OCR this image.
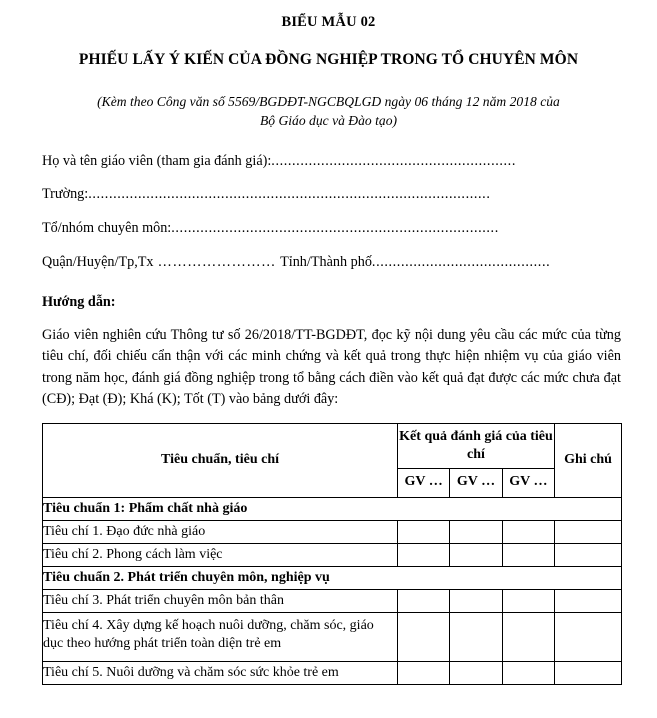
BIỂU MẪU 02
PHIẾU LẤY Ý KIẾN CỦA ĐỒNG NGHIỆP TRONG TỔ CHUYÊN MÔN
(Kèm theo Công văn số 5569/BGDĐT-NGCBQLGD ngày 06 tháng 12 năm 2018 của
Bộ Giáo dục và Đào tạo)
Họ và tên giáo viên (tham gia đánh giá):...........................................................
Trường:.................................................................................................
Tổ/nhóm chuyên môn:...............................................................................
Quận/Huyện/Tp,Tx …………………… Tỉnh/Thành phố...........................................
Hướng dẫn:
Giáo viên nghiên cứu Thông tư số 26/2018/TT-BGDĐT, đọc kỹ nội dung yêu cầu các mức của từng tiêu chí, đối chiếu cẩn thận với các minh chứng và kết quả trong thực hiện nhiệm vụ của giáo viên trong năm học, đánh giá đồng nghiệp trong tổ bằng cách điền vào kết quả đạt được các mức chưa đạt (CĐ); Đạt (Đ); Khá (K); Tốt (T) vào bảng dưới đây:
Tiêu chuẩn, tiêu chí	Kết quả đánh giá của tiêu chí			Ghi chú
	GV …	GV …	GV …	
Tiêu chuẩn 1: Phẩm chất nhà giáo				
Tiêu chí 1. Đạo đức nhà giáo				
Tiêu chí 2. Phong cách làm việc				
Tiêu chuẩn 2. Phát triển chuyên môn, nghiệp vụ				
Tiêu chí 3. Phát triển chuyên môn bản thân				
Tiêu chí 4. Xây dựng kế hoạch nuôi dưỡng, chăm sóc, giáo dục theo hướng phát triển toàn diện trẻ em				
Tiêu chí 5. Nuôi dưỡng và chăm sóc sức khỏe trẻ em				
